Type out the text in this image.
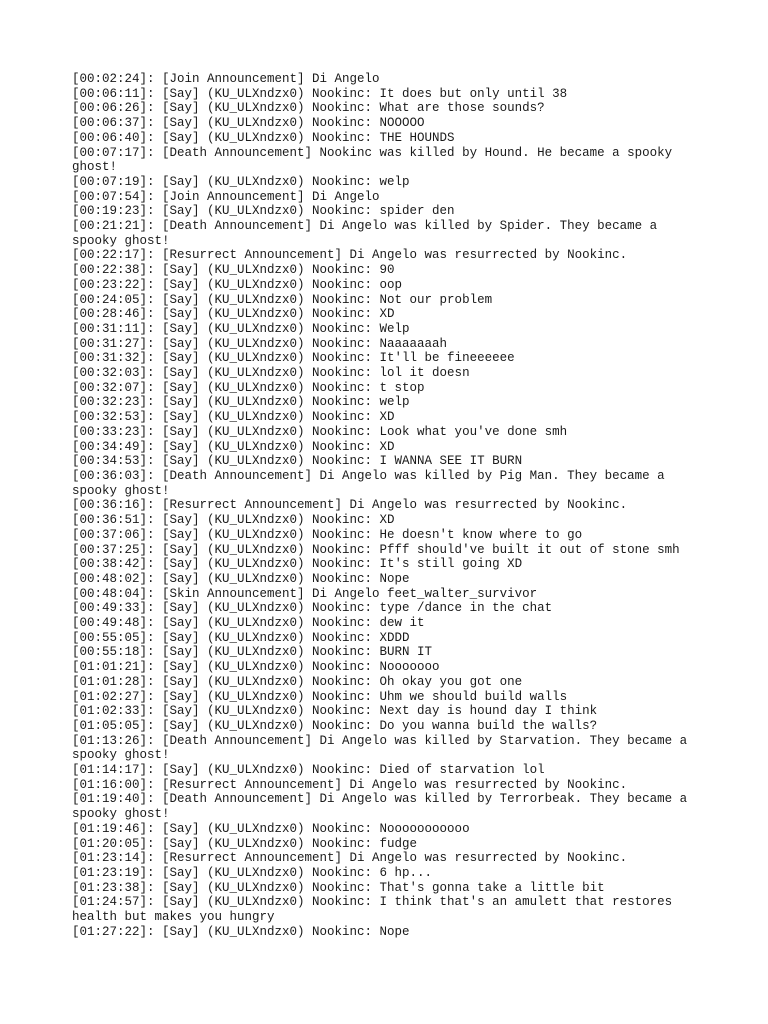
[00:02:24]: [Join Announcement] Di Angelo
[00:06:11]: [Say] (KU_ULXndzx0) Nookinc: It does but only until 38
[00:06:26]: [Say] (KU_ULXndzx0) Nookinc: What are those sounds?
[00:06:37]: [Say] (KU_ULXndzx0) Nookinc: NOOOOO
[00:06:40]: [Say] (KU_ULXndzx0) Nookinc: THE HOUNDS
[00:07:17]: [Death Announcement] Nookinc was killed by Hound. He became a spooky ghost!
[00:07:19]: [Say] (KU_ULXndzx0) Nookinc: welp
[00:07:54]: [Join Announcement] Di Angelo
[00:19:23]: [Say] (KU_ULXndzx0) Nookinc: spider den
[00:21:21]: [Death Announcement] Di Angelo was killed by Spider. They became a spooky ghost!
[00:22:17]: [Resurrect Announcement] Di Angelo was resurrected by Nookinc.
[00:22:38]: [Say] (KU_ULXndzx0) Nookinc: 90
[00:23:22]: [Say] (KU_ULXndzx0) Nookinc: oop
[00:24:05]: [Say] (KU_ULXndzx0) Nookinc: Not our problem
[00:28:46]: [Say] (KU_ULXndzx0) Nookinc: XD
[00:31:11]: [Say] (KU_ULXndzx0) Nookinc: Welp
[00:31:27]: [Say] (KU_ULXndzx0) Nookinc: Naaaaaaah
[00:31:32]: [Say] (KU_ULXndzx0) Nookinc: It'll be fineeeeee
[00:32:03]: [Say] (KU_ULXndzx0) Nookinc: lol it doesn
[00:32:07]: [Say] (KU_ULXndzx0) Nookinc: t stop
[00:32:23]: [Say] (KU_ULXndzx0) Nookinc: welp
[00:32:53]: [Say] (KU_ULXndzx0) Nookinc: XD
[00:33:23]: [Say] (KU_ULXndzx0) Nookinc: Look what you've done smh
[00:34:49]: [Say] (KU_ULXndzx0) Nookinc: XD
[00:34:53]: [Say] (KU_ULXndzx0) Nookinc: I WANNA SEE IT BURN
[00:36:03]: [Death Announcement] Di Angelo was killed by Pig Man. They became a spooky ghost!
[00:36:16]: [Resurrect Announcement] Di Angelo was resurrected by Nookinc.
[00:36:51]: [Say] (KU_ULXndzx0) Nookinc: XD
[00:37:06]: [Say] (KU_ULXndzx0) Nookinc: He doesn't know where to go
[00:37:25]: [Say] (KU_ULXndzx0) Nookinc: Pfff should've built it out of stone smh
[00:38:42]: [Say] (KU_ULXndzx0) Nookinc: It's still going XD
[00:48:02]: [Say] (KU_ULXndzx0) Nookinc: Nope
[00:48:04]: [Skin Announcement] Di Angelo feet_walter_survivor
[00:49:33]: [Say] (KU_ULXndzx0) Nookinc: type /dance in the chat
[00:49:48]: [Say] (KU_ULXndzx0) Nookinc: dew it
[00:55:05]: [Say] (KU_ULXndzx0) Nookinc: XDDD
[00:55:18]: [Say] (KU_ULXndzx0) Nookinc: BURN IT
[01:01:21]: [Say] (KU_ULXndzx0) Nookinc: Nooooooo
[01:01:28]: [Say] (KU_ULXndzx0) Nookinc: Oh okay you got one
[01:02:27]: [Say] (KU_ULXndzx0) Nookinc: Uhm we should build walls
[01:02:33]: [Say] (KU_ULXndzx0) Nookinc: Next day is hound day I think
[01:05:05]: [Say] (KU_ULXndzx0) Nookinc: Do you wanna build the walls?
[01:13:26]: [Death Announcement] Di Angelo was killed by Starvation. They became a spooky ghost!
[01:14:17]: [Say] (KU_ULXndzx0) Nookinc: Died of starvation lol
[01:16:00]: [Resurrect Announcement] Di Angelo was resurrected by Nookinc.
[01:19:40]: [Death Announcement] Di Angelo was killed by Terrorbeak. They became a spooky ghost!
[01:19:46]: [Say] (KU_ULXndzx0) Nookinc: Nooooooooooo
[01:20:05]: [Say] (KU_ULXndzx0) Nookinc: fudge
[01:23:14]: [Resurrect Announcement] Di Angelo was resurrected by Nookinc.
[01:23:19]: [Say] (KU_ULXndzx0) Nookinc: 6 hp...
[01:23:38]: [Say] (KU_ULXndzx0) Nookinc: That's gonna take a little bit
[01:24:57]: [Say] (KU_ULXndzx0) Nookinc: I think that's an amulett that restores health but makes you hungry
[01:27:22]: [Say] (KU_ULXndzx0) Nookinc: Nope
